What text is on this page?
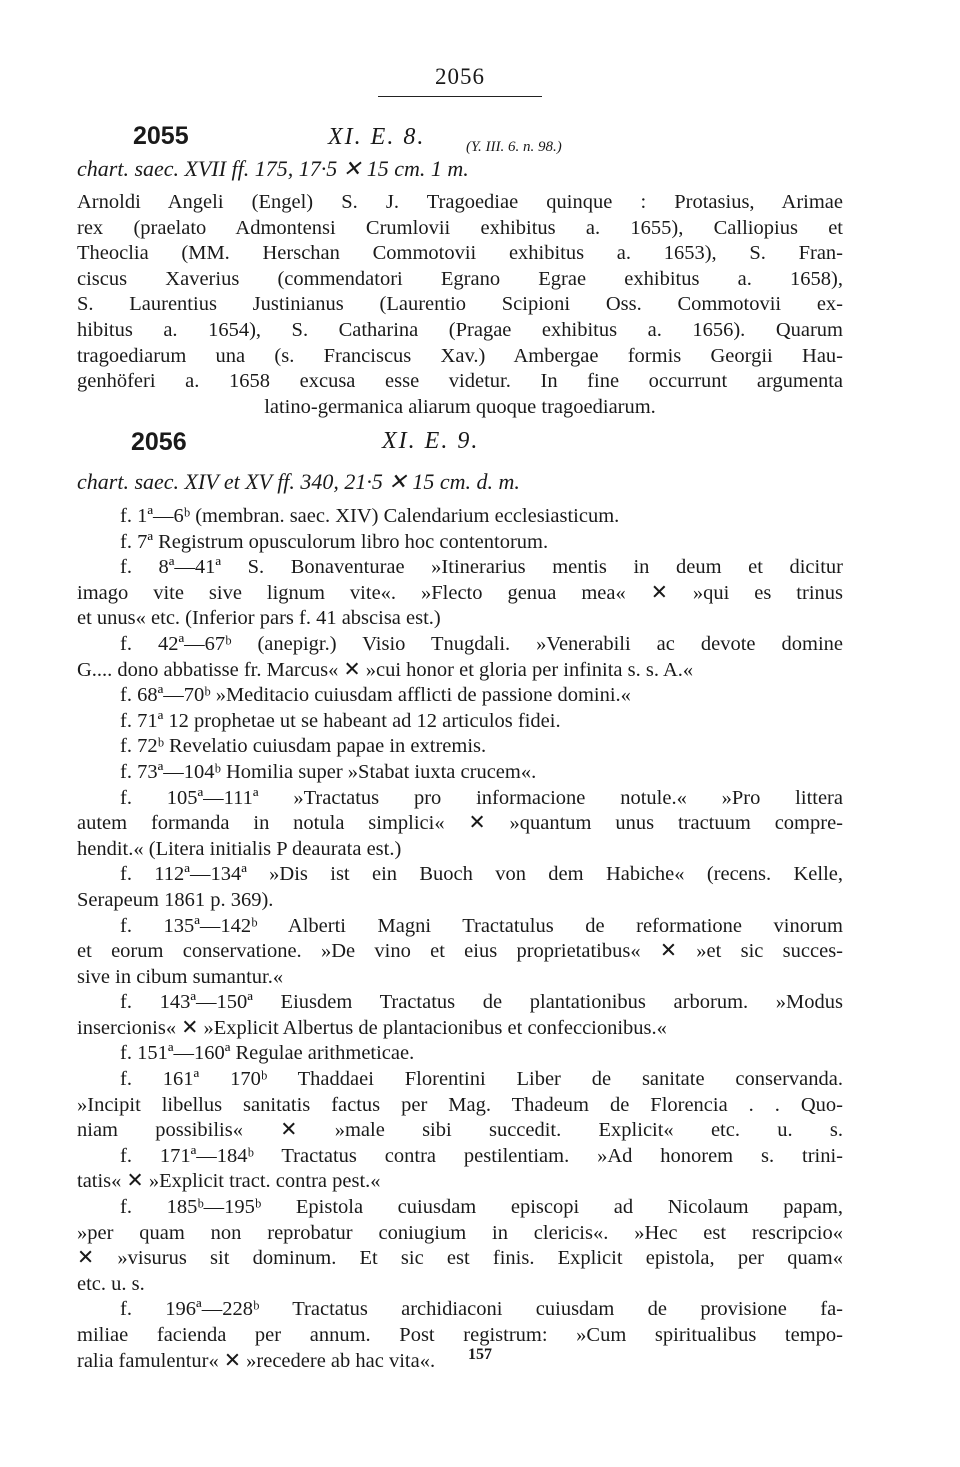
2056
2055	XI. E. 8.	(Y. III. 6. n. 98.)
chart. saec. XVII ff. 175, 17·5 ✕ 15 cm. 1 m.
Arnoldi Angeli (Engel) S. J. Tragoediae quinque : Protasius, Arimae
rex (praelato Admontensi Crumlovii exhibitus a. 1655), Calliopius et
Theoclia (MM. Herschan Commotovii exhibitus a. 1653), S. Fran-
ciscus Xaverius (commendatori Egrano Egrae exhibitus a. 1658),
S. Laurentius Justinianus (Laurentio Scipioni Oss. Commotovii ex-
hibitus a. 1654), S. Catharina (Pragae exhibitus a. 1656). Quarum
tragoediarum una (s. Franciscus Xav.) Ambergae formis Georgii Hau-
genhöferi a. 1658 excusa esse videtur. In fine occurrunt argumenta
latino-germanica aliarum quoque tragoediarum.
2056	XI. E. 9.
chart. saec. XIV et XV ff. 340, 21·5 ✕ 15 cm. d. m.
f. 1ª—6ᵇ (membran. saec. XIV) Calendarium ecclesiasticum.
f. 7ª Registrum opusculorum libro hoc contentorum.
f. 8ª—41ª S. Bonaventurae »Itinerarius mentis in deum et dicitur
imago vite sive lignum vite«. »Flecto genua mea« ✕ »qui es trinus
et unus« etc. (Inferior pars f. 41 abscisa est.)
f. 42ª—67ᵇ (anepigr.) Visio Tnugdali. »Venerabili ac devote domine
G.... dono abbatisse fr. Marcus« ✕ »cui honor et gloria per infinita s. s. A.«
f. 68ª—70ᵇ »Meditacio cuiusdam afflicti de passione domini.«
f. 71ª 12 prophetae ut se habeant ad 12 articulos fidei.
f. 72ᵇ Revelatio cuiusdam papae in extremis.
f. 73ª—104ᵇ Homilia super »Stabat iuxta crucem«.
f. 105ª—111ª »Tractatus pro informacione notule.« »Pro littera
autem formanda in notula simplici« ✕ »quantum unus tractuum compre-
hendit.« (Litera initialis P deaurata est.)
f. 112ª—134ª »Dis ist ein Buoch von dem Habiche« (recens. Kelle,
Serapeum 1861 p. 369).
f. 135ª—142ᵇ Alberti Magni Tractatulus de reformatione vinorum
et eorum conservatione. »De vino et eius proprietatibus« ✕ »et sic succes-
sive in cibum sumantur.«
f. 143ª—150ª Eiusdem Tractatus de plantationibus arborum. »Modus
insercionis« ✕ »Explicit Albertus de plantacionibus et confeccionibus.«
f. 151ª—160ª Regulae arithmeticae.
f. 161ª 170ᵇ Thaddaei Florentini Liber de sanitate conservanda.
»Incipit libellus sanitatis factus per Mag. Thadeum de Florencia . . Quo-
niam possibilis« ✕ »male sibi succedit. Explicit« etc. u. s.
f. 171ª—184ᵇ Tractatus contra pestilentiam. »Ad honorem s. trini-
tatis« ✕ »Explicit tract. contra pest.«
f. 185ᵇ—195ᵇ Epistola cuiusdam episcopi ad Nicolaum papam,
»per quam non reprobatur coniugium in clericis«. »Hec est rescripcio«
✕ »visurus sit dominum. Et sic est finis. Explicit epistola, per quam«
etc. u. s.
f. 196ª—228ᵇ Tractatus archidiaconi cuiusdam de provisione fa-
miliae facienda per annum. Post registrum: »Cum spiritualibus tempo-
ralia famulentur« ✕ »recedere ab hac vita«.	157
